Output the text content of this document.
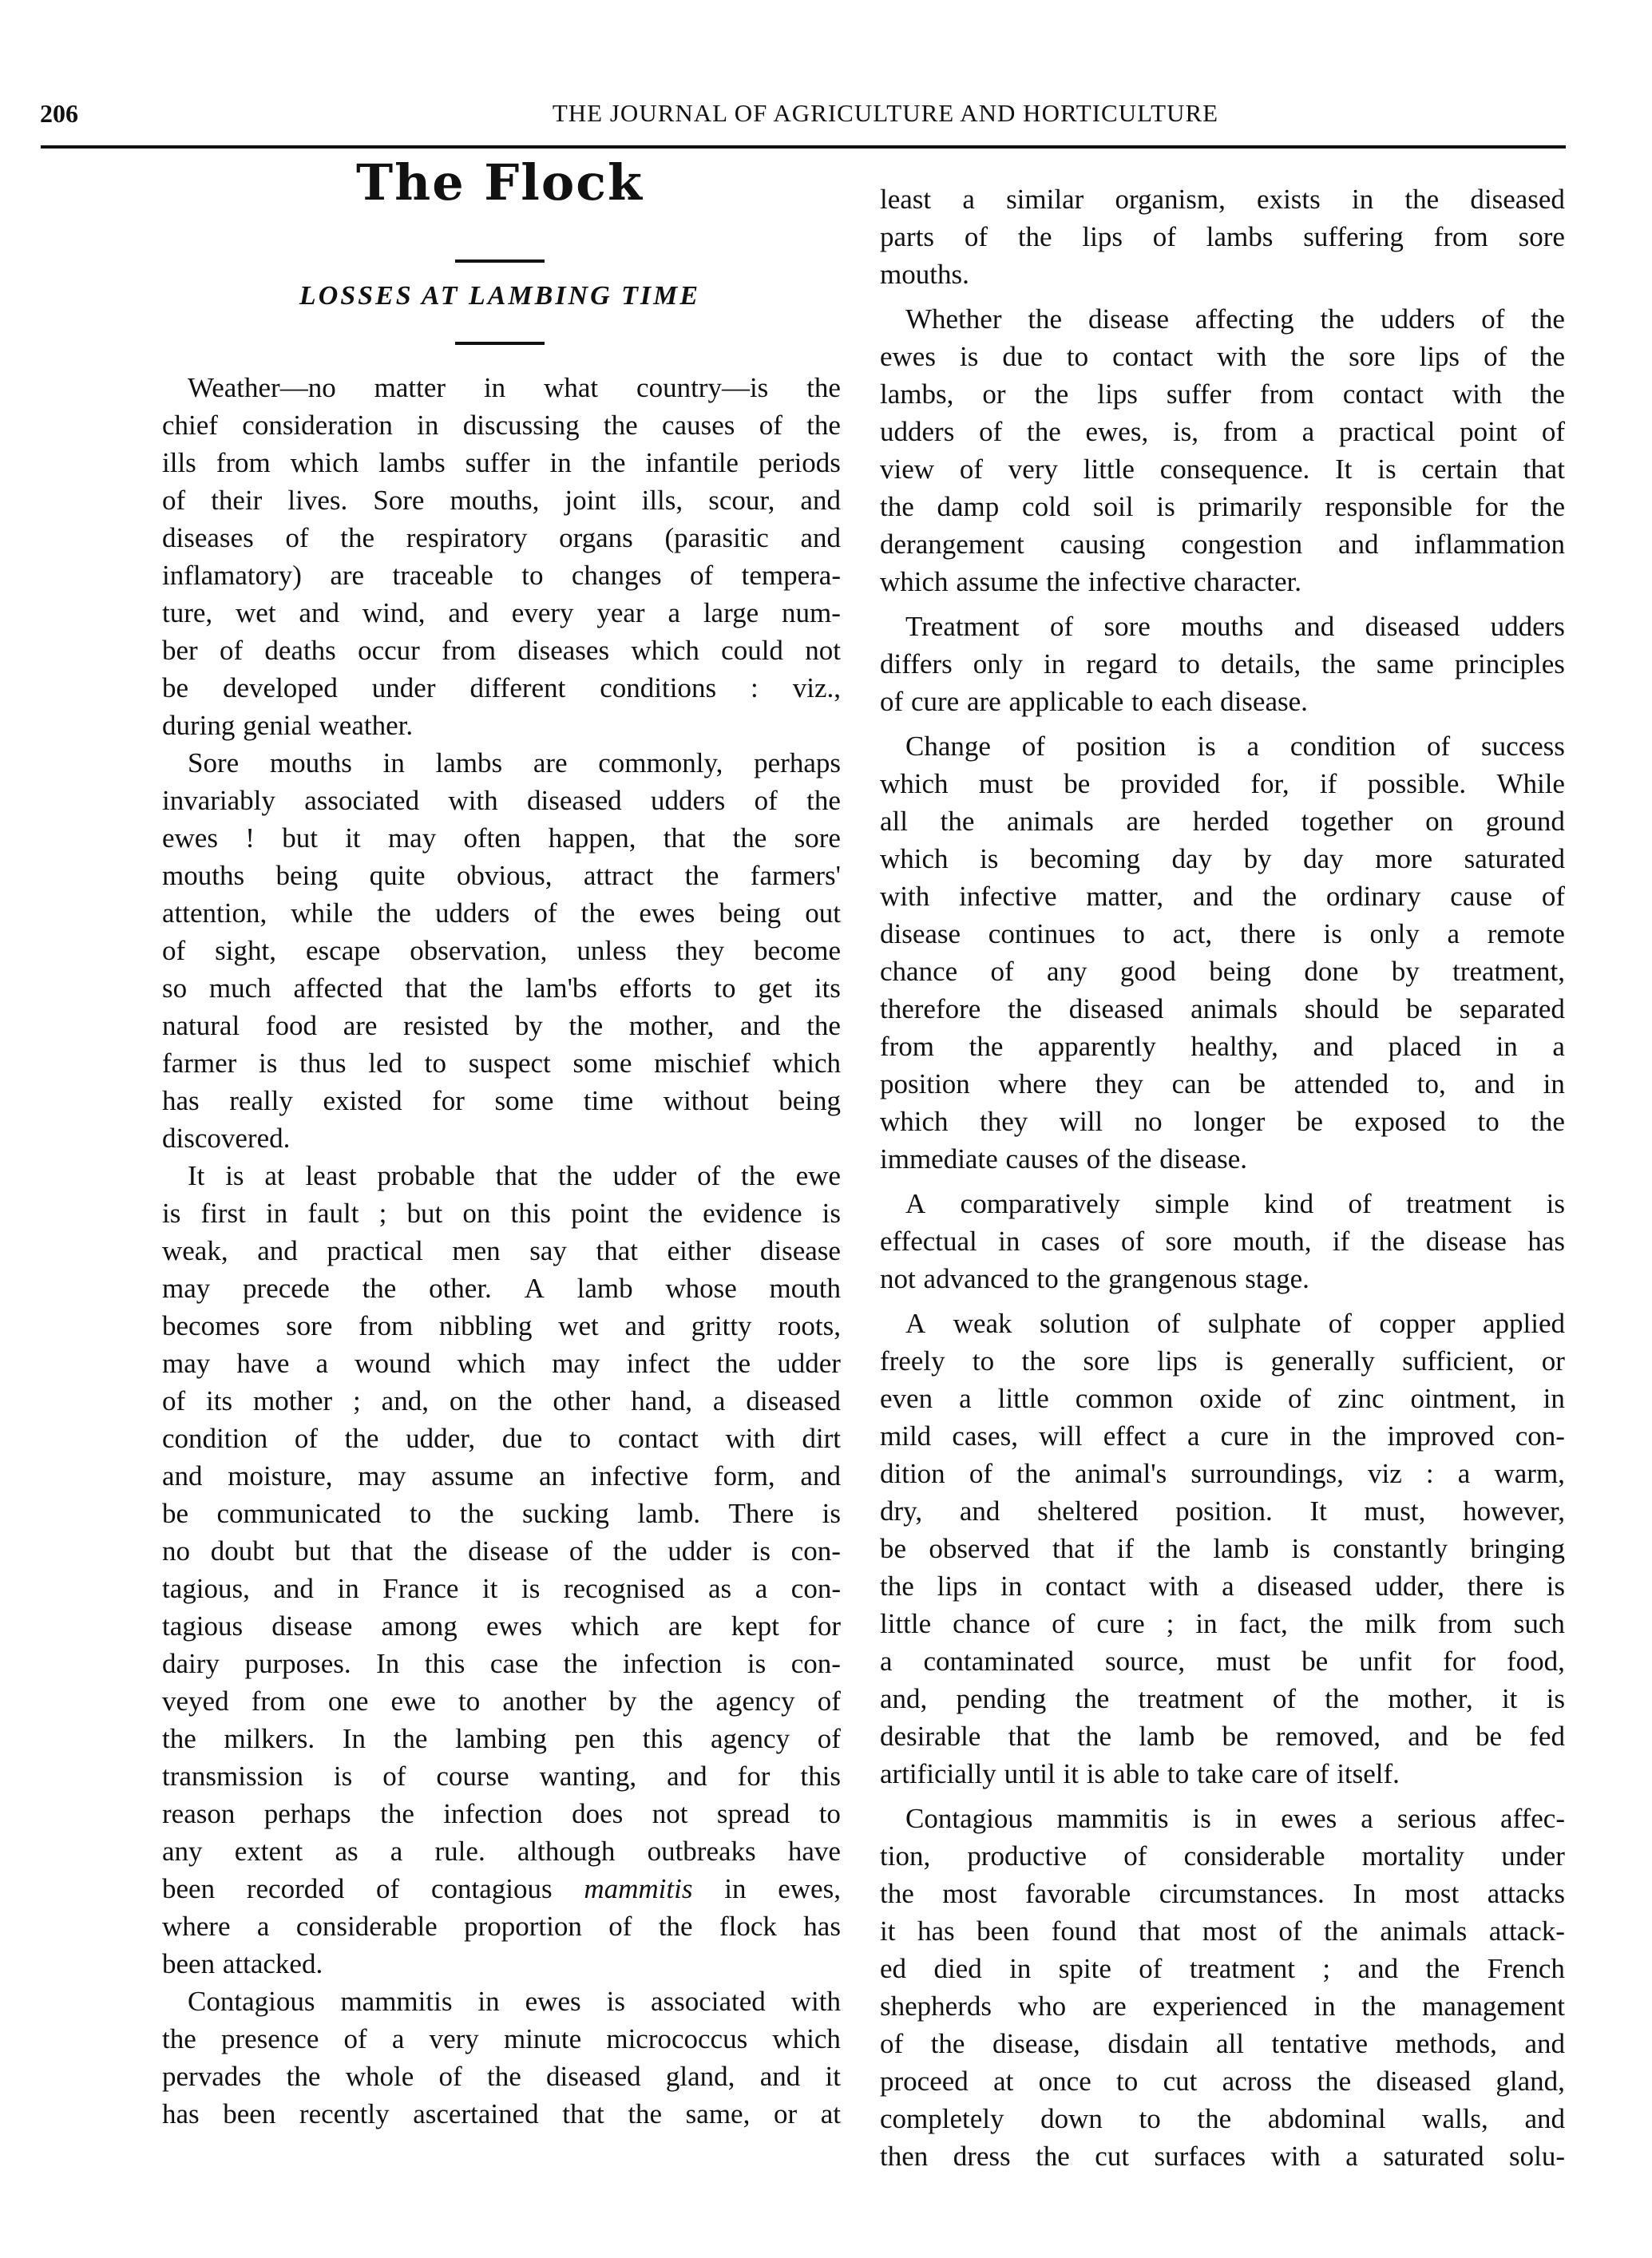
206	THE JOURNAL OF AGRICULTURE AND HORTICULTURE
The Flock
LOSSES AT LAMBING TIME
Weather—no matter in what country—is the
chief consideration in discussing the causes of the
ills from which lambs suffer in the infantile periods
of their lives. Sore mouths, joint ills, scour, and
diseases of the respiratory organs (parasitic and
inflamatory) are traceable to changes of tempera-
ture, wet and wind, and every year a large num-
ber of deaths occur from diseases which could not
be developed under different conditions : viz.,
during genial weather.
Sore mouths in lambs are commonly, perhaps
invariably associated with diseased udders of the
ewes ! but it may often happen, that the sore
mouths being quite obvious, attract the farmers'
attention, while the udders of the ewes being out
of sight, escape observation, unless they become
so much affected that the lam'bs efforts to get its
natural food are resisted by the mother, and the
farmer is thus led to suspect some mischief which
has really existed for some time without being
discovered.
It is at least probable that the udder of the ewe
is first in fault ; but on this point the evidence is
weak, and practical men say that either disease
may precede the other. A lamb whose mouth
becomes sore from nibbling wet and gritty roots,
may have a wound which may infect the udder
of its mother ; and, on the other hand, a diseased
condition of the udder, due to contact with dirt
and moisture, may assume an infective form, and
be communicated to the sucking lamb. There is
no doubt but that the disease of the udder is con-
tagious, and in France it is recognised as a con-
tagious disease among ewes which are kept for
dairy purposes. In this case the infection is con-
veyed from one ewe to another by the agency of
the milkers. In the lambing pen this agency of
transmission is of course wanting, and for this
reason perhaps the infection does not spread to
any extent as a rule. although outbreaks have
been recorded of contagious mammitis in ewes,
where a considerable proportion of the flock has
been attacked.
Contagious mammitis in ewes is associated with
the presence of a very minute micrococcus which
pervades the whole of the diseased gland, and it
has been recently ascertained that the same, or at
least a similar organism, exists in the diseased
parts of the lips of lambs suffering from sore
mouths.
Whether the disease affecting the udders of the
ewes is due to contact with the sore lips of the
lambs, or the lips suffer from contact with the
udders of the ewes, is, from a practical point of
view of very little consequence. It is certain that
the damp cold soil is primarily responsible for the
derangement causing congestion and inflammation
which assume the infective character.
Treatment of sore mouths and diseased udders
differs only in regard to details, the same principles
of cure are applicable to each disease.
Change of position is a condition of success
which must be provided for, if possible. While
all the animals are herded together on ground
which is becoming day by day more saturated
with infective matter, and the ordinary cause of
disease continues to act, there is only a remote
chance of any good being done by treatment,
therefore the diseased animals should be separated
from the apparently healthy, and placed in a
position where they can be attended to, and in
which they will no longer be exposed to the
immediate causes of the disease.
A comparatively simple kind of treatment is
effectual in cases of sore mouth, if the disease has
not advanced to the grangenous stage.
A weak solution of sulphate of copper applied
freely to the sore lips is generally sufficient, or
even a little common oxide of zinc ointment, in
mild cases, will effect a cure in the improved con-
dition of the animal's surroundings, viz : a warm,
dry, and sheltered position. It must, however,
be observed that if the lamb is constantly bringing
the lips in contact with a diseased udder, there is
little chance of cure ; in fact, the milk from such
a contaminated source, must be unfit for food,
and, pending the treatment of the mother, it is
desirable that the lamb be removed, and be fed
artificially until it is able to take care of itself.
Contagious mammitis is in ewes a serious affec-
tion, productive of considerable mortality under
the most favorable circumstances. In most attacks
it has been found that most of the animals attack-
ed died in spite of treatment ; and the French
shepherds who are experienced in the management
of the disease, disdain all tentative methods, and
proceed at once to cut across the diseased gland,
completely down to the abdominal walls, and
then dress the cut surfaces with a saturated solu-
